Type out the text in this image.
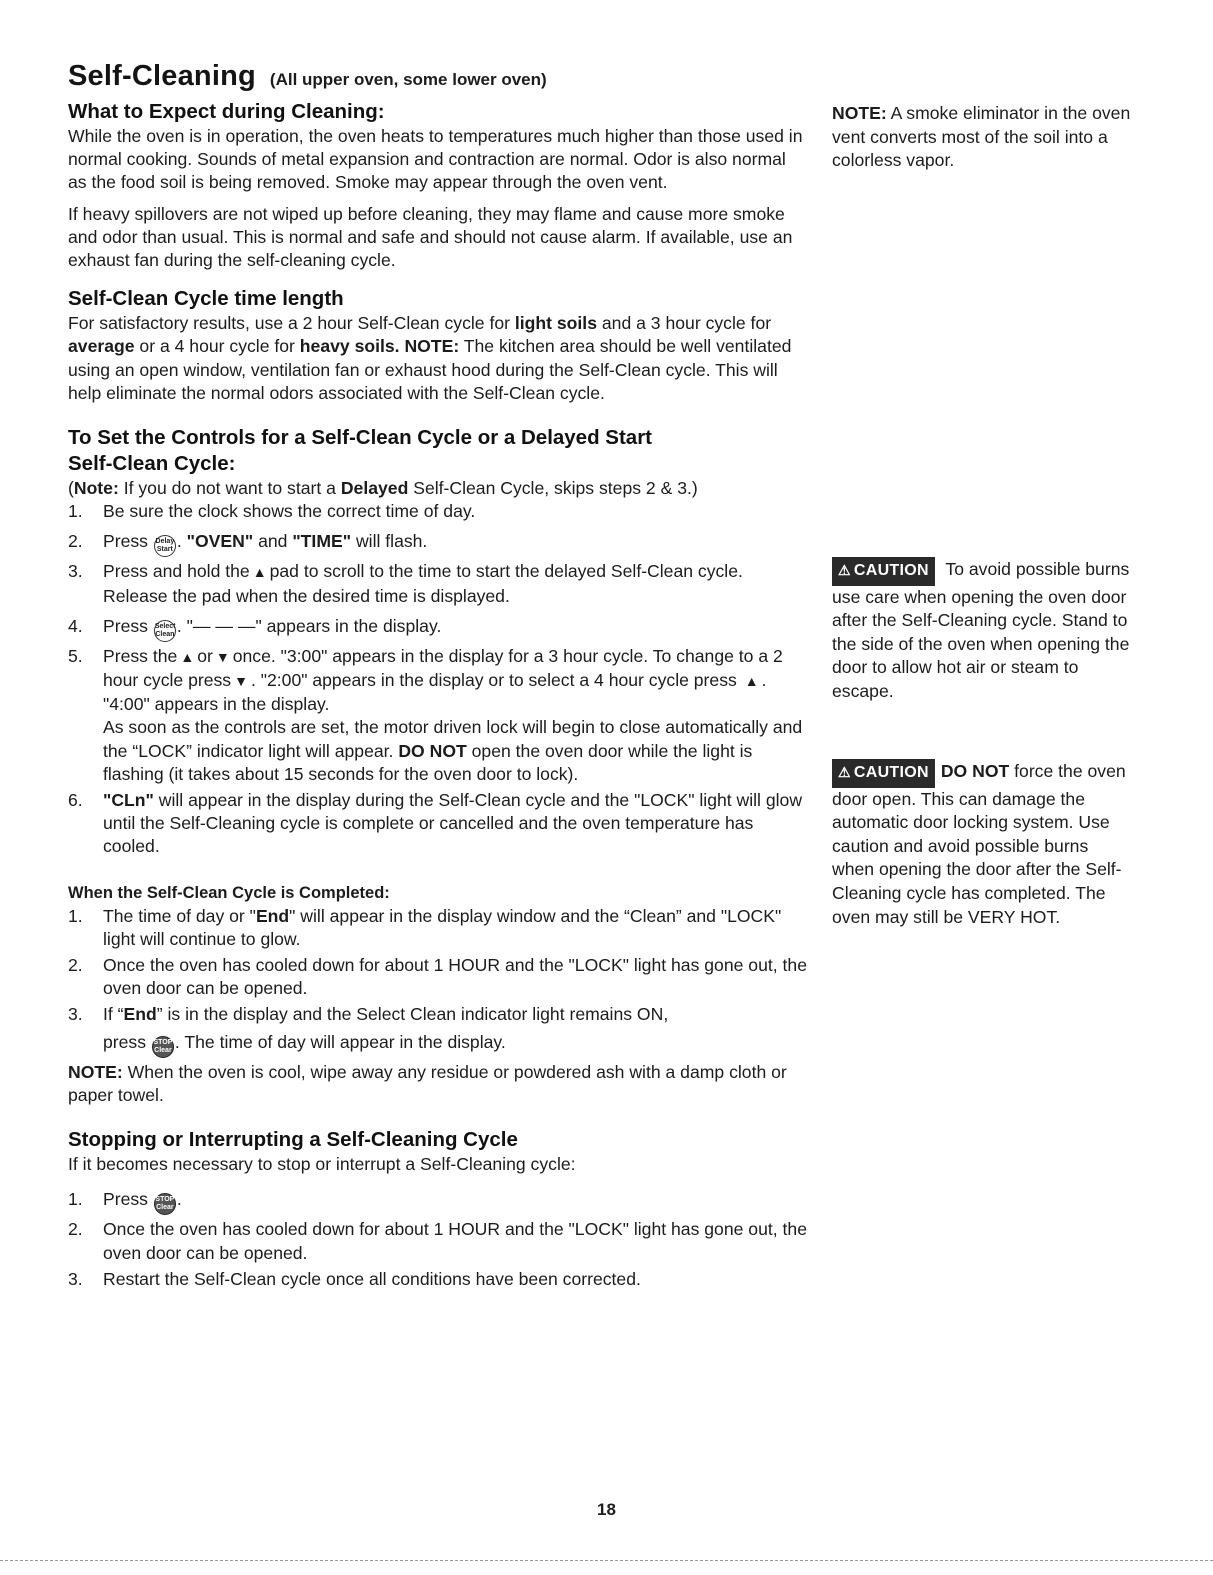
Self-Cleaning (All upper oven, some lower oven)
What to Expect during Cleaning:

While the oven is in operation, the oven heats to temperatures much higher than those used in normal cooking. Sounds of metal expansion and contraction are normal. Odor is also normal as the food soil is being removed. Smoke may appear through the oven vent.

If heavy spillovers are not wiped up before cleaning, they may flame and cause more smoke and odor than usual. This is normal and safe and should not cause alarm. If available, use an exhaust fan during the self-cleaning cycle.

Self-Clean Cycle time length

For satisfactory results, use a 2 hour Self-Clean cycle for light soils and a 3 hour cycle for average or a 4 hour cycle for heavy soils. NOTE: The kitchen area should be well ventilated using an open window, ventilation fan or exhaust hood during the Self-Clean cycle. This will help eliminate the normal odors associated with the Self-Clean cycle.

To Set the Controls for a Self-Clean Cycle or a Delayed Start
Self-Clean Cycle:

(Note: If you do not want to start a Delayed Self-Clean Cycle, skips steps 2 & 3.)

1. Be sure the clock shows the correct time of day.
2. Press Delay
Start . "OVEN" and "TIME" will flash.
3. Press and hold the ▲ pad to scroll to the time to start the delayed Self-Clean cycle. Release the pad when the desired time is displayed.
4. Press Select
Clean . "— — —" appears in the display.
5. Press the ▲ or ▼ once. "3:00" appears in the display for a 3 hour cycle. To change to a 2 hour cycle press ▼ . "2:00" appears in the display or to select a 4 hour cycle press ▲ . "4:00" appears in the display.
As soon as the controls are set, the motor driven lock will begin to close automatically and the “LOCK” indicator light will appear. DO NOT open the oven door while the light is flashing (it takes about 15 seconds for the oven door to lock).
6. "CLn" will appear in the display during the Self-Clean cycle and the "LOCK" light will glow until the Self-Cleaning cycle is complete or cancelled and the oven temperature has cooled.
When the Self-Clean Cycle is Completed:
1. The time of day or "End" will appear in the display window and the “Clean” and "LOCK" light will continue to glow.
2. Once the oven has cooled down for about 1 HOUR and the "LOCK" light has gone out, the oven door can be opened.
3. If “End” is in the display and the Select Clean indicator light remains ON,
press STOP
Clear . The time of day will appear in the display.

NOTE: When the oven is cool, wipe away any residue or powdered ash with a damp cloth or paper towel.

Stopping or Interrupting a Self-Cleaning Cycle

If it becomes necessary to stop or interrupt a Self-Cleaning cycle:

1. Press STOP
Clear .
2. Once the oven has cooled down for about 1 HOUR and the "LOCK" light has gone out, the oven door can be opened.
3. Restart the Self-Clean cycle once all conditions have been corrected.

NOTE: A smoke eliminator in the oven vent converts most of the soil into a colorless vapor.

⚠ CAUTION To avoid possible burns use care when opening the oven door after the Self-Cleaning cycle. Stand to the side of the oven when opening the door to allow hot air or steam to escape.

⚠ CAUTION DO NOT force the oven door open. This can damage the automatic door locking system. Use caution and avoid possible burns when opening the door after the Self-Cleaning cycle has completed. The oven may still be VERY HOT.

18
